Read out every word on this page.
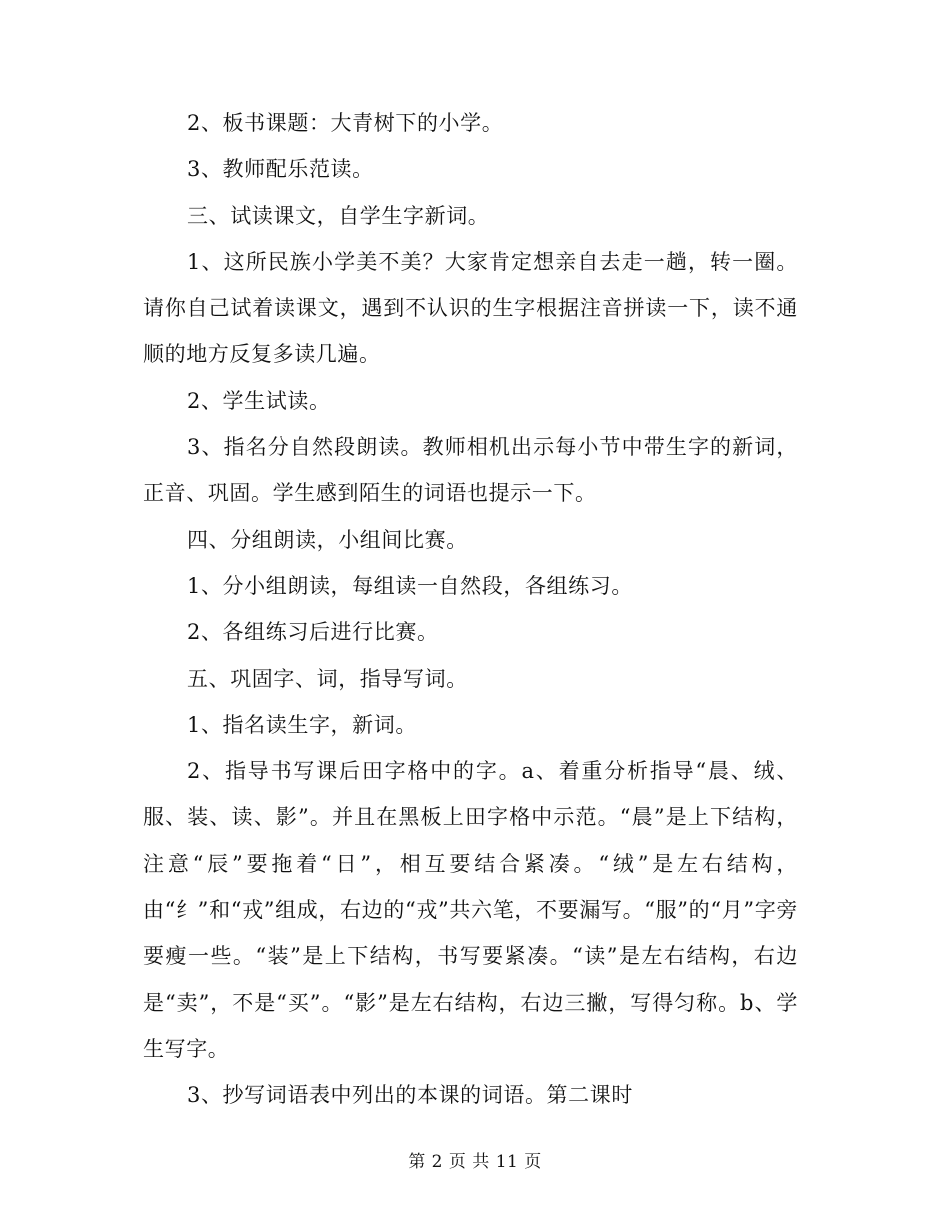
2、板书课题：大青树下的小学。

3、教师配乐范读。

三、试读课文，自学生字新词。

1、这所民族小学美不美？大家肯定想亲自去走一趟，转一圈。请你自己试着读课文，遇到不认识的生字根据注音拼读一下，读不通顺的地方反复多读几遍。

2、学生试读。

3、指名分自然段朗读。教师相机出示每小节中带生字的新词，正音、巩固。学生感到陌生的词语也提示一下。

四、分组朗读，小组间比赛。

1、分小组朗读，每组读一自然段，各组练习。

2、各组练习后进行比赛。

五、巩固字、词，指导写词。

1、指名读生字，新词。

2、指导书写课后田字格中的字。a、着重分析指导“晨、绒、服、装、读、影”。并且在黑板上田字格中示范。“晨”是上下结构，注意“辰”要拖着“日”，相互要结合紧凑。“绒”是左右结构，由“纟”和“戎”组成，右边的“戎”共六笔，不要漏写。“服”的“月”字旁要瘦一些。“装”是上下结构，书写要紧凑。“读”是左右结构，右边是“卖”，不是“买”。“影”是左右结构，右边三撇，写得匀称。b、学生写字。

3、抄写词语表中列出的本课的词语。第二课时

第 2 页 共 11 页
